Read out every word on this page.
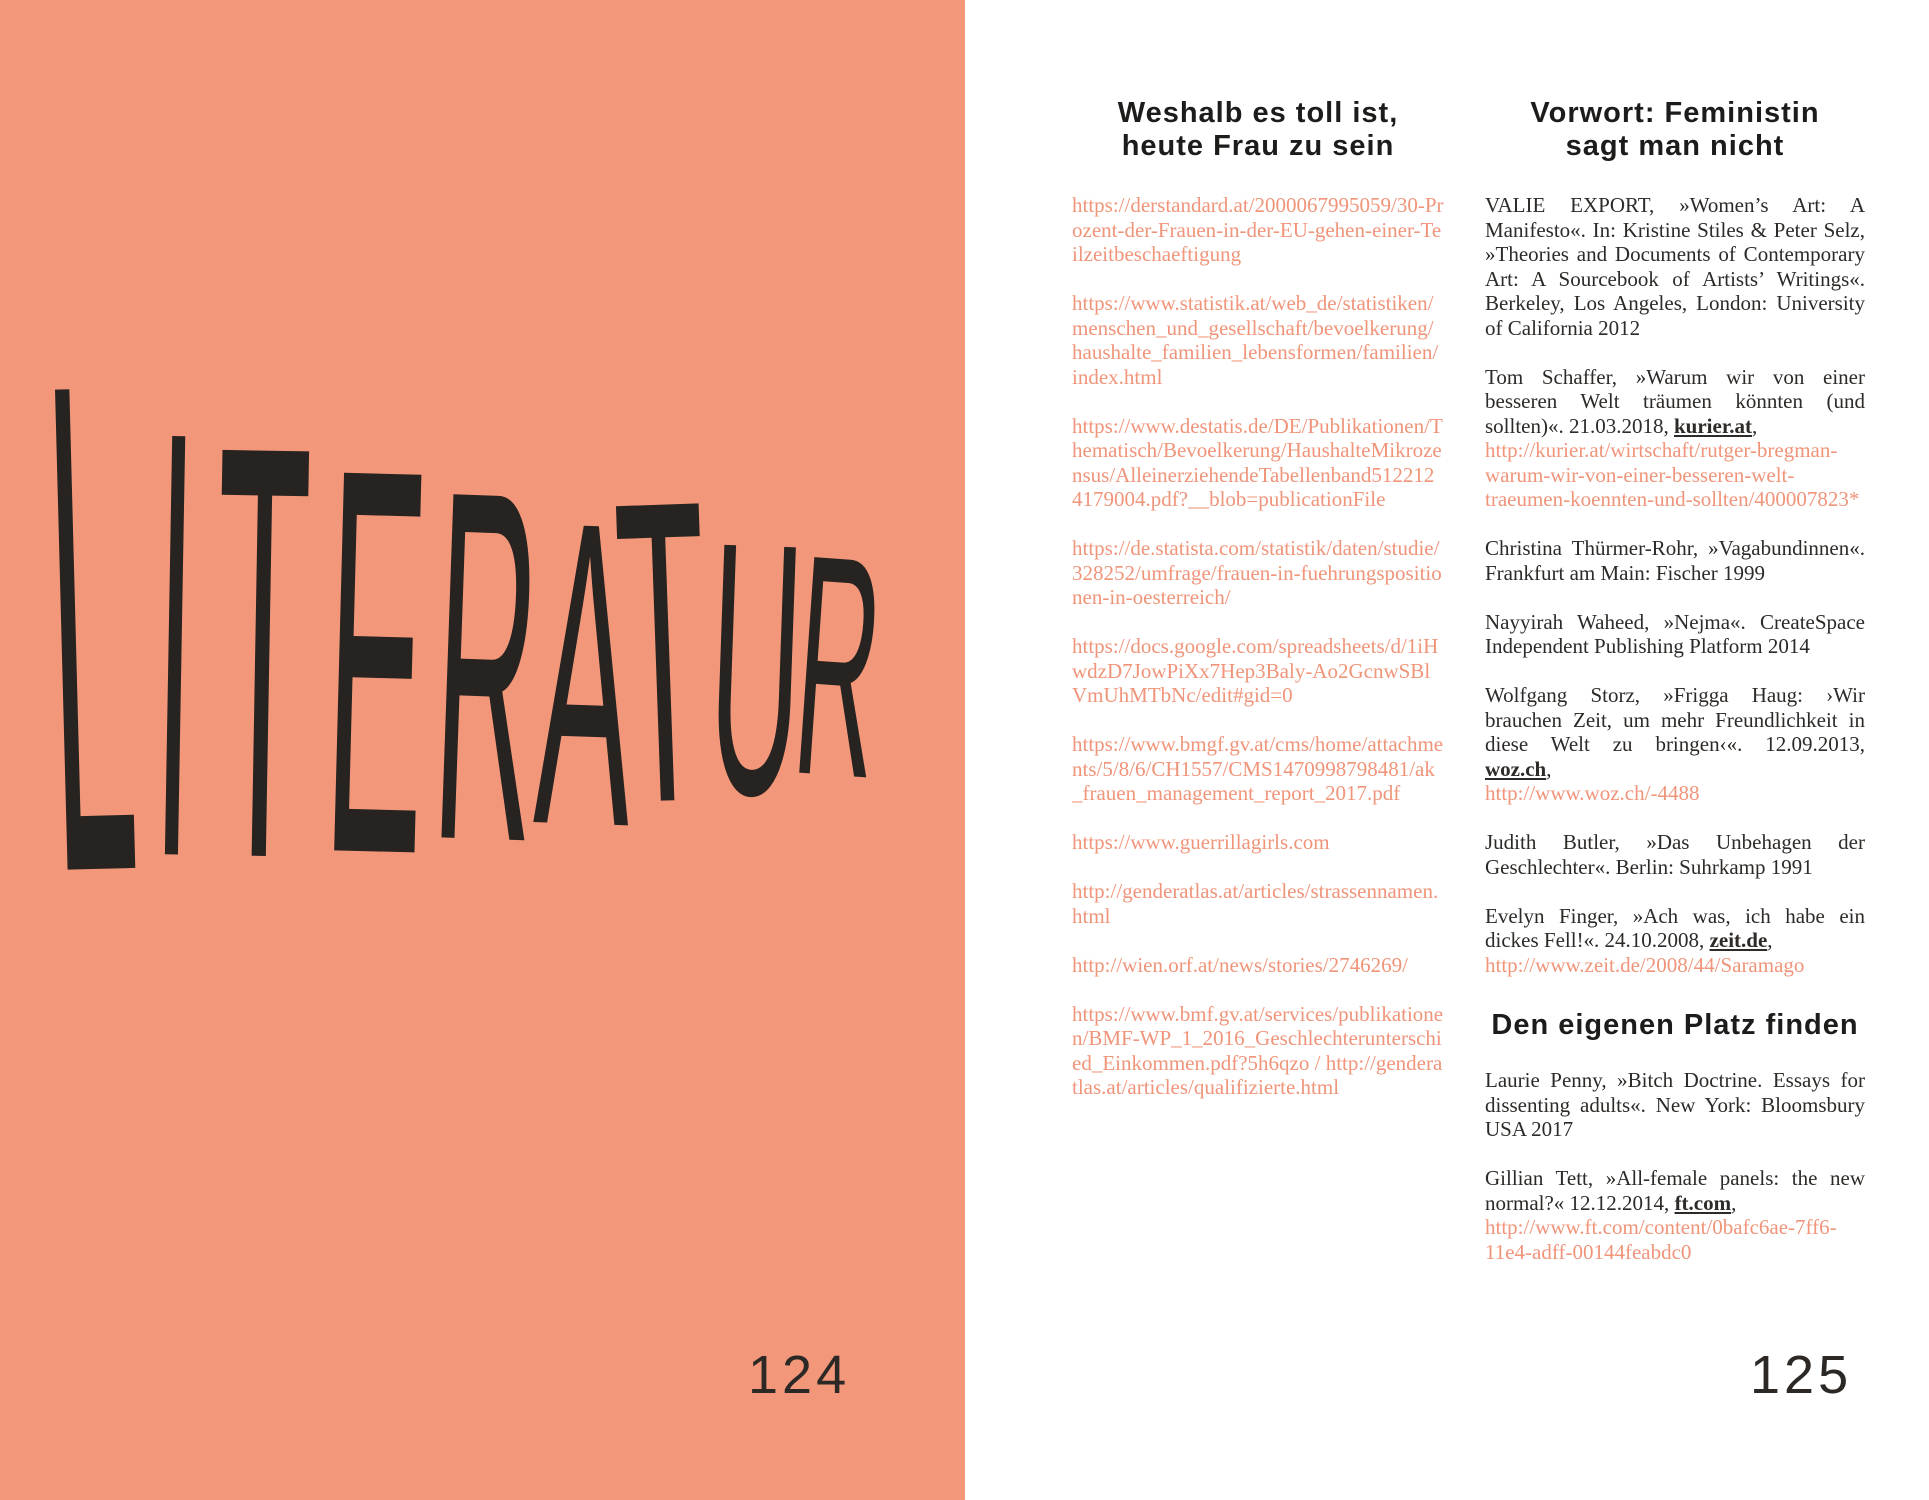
L I T E
R
A
T
U
R
124
Weshalb es toll ist,
heute Frau zu sein

https://derstandard.at/2000067995059/30-Prozent-der-Frauen-in-der-EU-gehen-einer-Teilzeitbeschaeftigung

https://www.statistik.at/web_de/statistiken/menschen_und_gesellschaft/bevoelkerung/haushalte_familien_lebensformen/familien/index.html

https://www.destatis.de/DE/Publikationen/Thematisch/Bevoelkerung/HaushalteMikrozensus/AlleinerziehendeTabellenband5122124179004.pdf?__blob=publicationFile

https://de.statista.com/statistik/daten/studie/328252/umfrage/frauen-in-fuehrungspositionen-in-oesterreich/

https://docs.google.com/spreadsheets/d/1iHwdzD7JowPiXx7Hep3Baly-Ao2GcnwSBlVmUhMTbNc/edit#gid=0

https://www.bmgf.gv.at/cms/home/attachments/5/8/6/CH1557/CMS1470998798481/ak_frauen_management_report_2017.pdf

https://www.guerrillagirls.com

http://genderatlas.at/articles/strassennamen.html

http://wien.orf.at/news/stories/2746269/

https://www.bmf.gv.at/services/publikationen/BMF-WP_1_2016_Geschlechterunterschied_Einkommen.pdf?5h6qzo / http://genderatlas.at/articles/qualifizierte.html

Vorwort: Feministin
sagt man nicht

VALIE EXPORT, »Women’s Art: A Manifesto«. In: Kristine Stiles & Peter Selz, »Theories and Documents of Contemporary Art: A Sourcebook of Artists’ Writings«. Berkeley, Los Angeles, London: University of California 2012

Tom Schaffer, »Warum wir von einer besseren Welt träumen könnten (und sollten)«. 21.03.2018, kurier.at,
http://kurier.at/wirtschaft/rutger-bregman-warum-wir-von-einer-besseren-welt-traeumen-koennten-und-sollten/400007823*

Christina Thürmer-Rohr, »Vagabundinnen«. Frankfurt am Main: Fischer 1999

Nayyirah Waheed, »Nejma«. CreateSpace Independent Publishing Platform 2014

Wolfgang Storz, »Frigga Haug: ›Wir brauchen Zeit, um mehr Freundlichkeit in diese Welt zu bringen‹«. 12.09.2013, woz.ch,
http://www.woz.ch/-4488

Judith Butler, »Das Unbehagen der Geschlechter«. Berlin: Suhrkamp 1991

Evelyn Finger, »Ach was, ich habe ein dickes Fell!«. 24.10.2008, zeit.de,
http://www.zeit.de/2008/44/Saramago

Den eigenen Platz finden

Laurie Penny, »Bitch Doctrine. Essays for dissenting adults«. New York: Bloomsbury USA 2017

Gillian Tett, »All-female panels: the new normal?« 12.12.2014, ft.com,
http://www.ft.com/content/0bafc6ae-7ff6-11e4-adff-00144feabdc0

125
